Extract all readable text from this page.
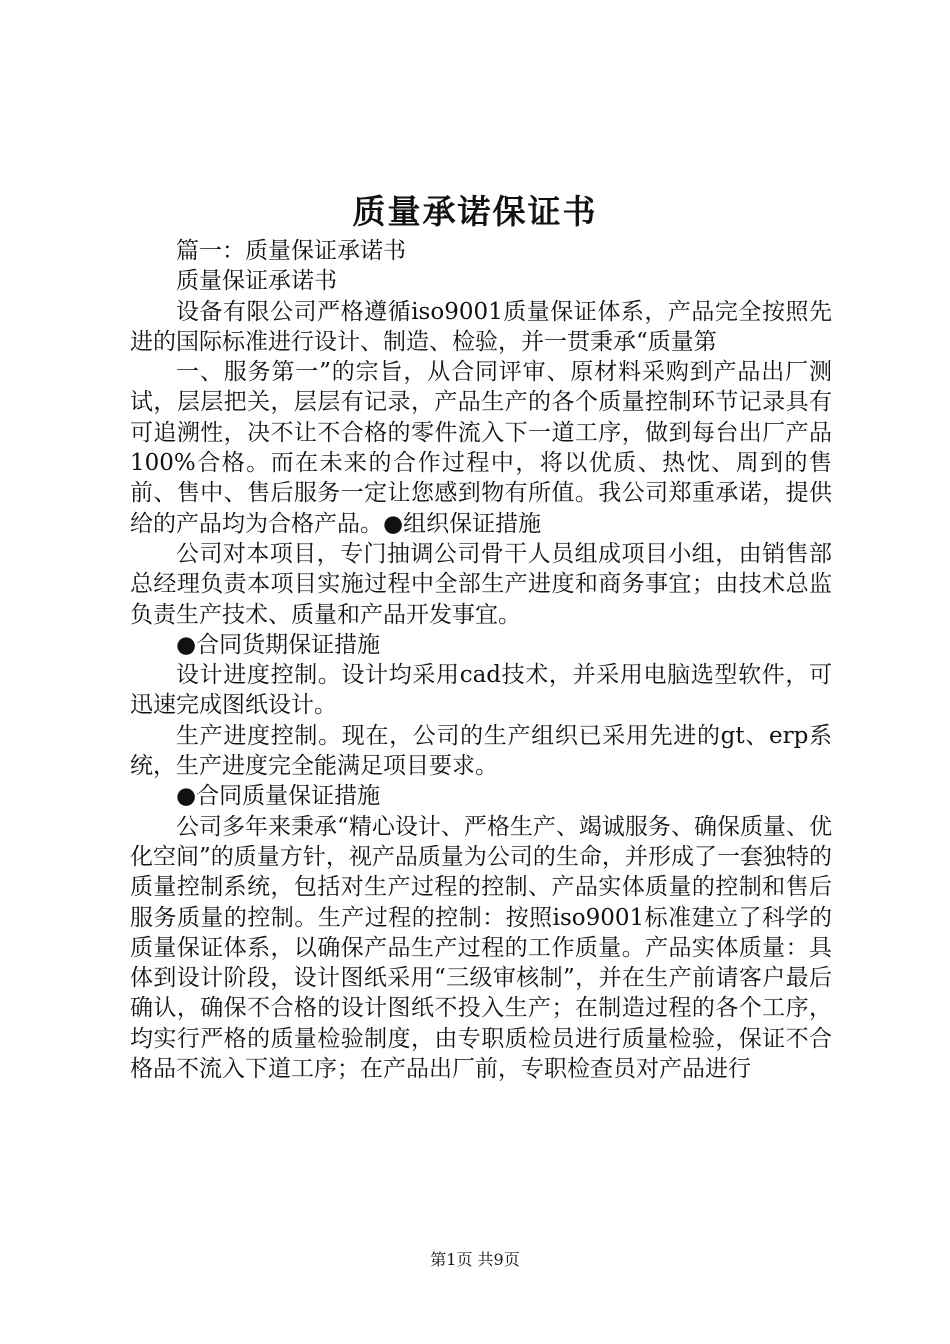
质量承诺保证书

篇一：质量保证承诺书

质量保证承诺书

设备有限公司严格遵循iso9001质量保证体系，产品完全按照先进的国际标准进行设计、制造、检验，并一贯秉承“质量第

一、服务第一”的宗旨，从合同评审、原材料采购到产品出厂测试，层层把关，层层有记录，产品生产的各个质量控制环节记录具有可追溯性，决不让不合格的零件流入下一道工序，做到每台出厂产品100%合格。而在未来的合作过程中，将以优质、热忱、周到的售前、售中、售后服务一定让您感到物有所值。我公司郑重承诺，提供给的产品均为合格产品。●组织保证措施

公司对本项目，专门抽调公司骨干人员组成项目小组，由销售部总经理负责本项目实施过程中全部生产进度和商务事宜；由技术总监负责生产技术、质量和产品开发事宜。

●合同货期保证措施

设计进度控制。设计均采用cad技术，并采用电脑选型软件，可迅速完成图纸设计。

生产进度控制。现在，公司的生产组织已采用先进的gt、erp系统，生产进度完全能满足项目要求。

●合同质量保证措施

公司多年来秉承“精心设计、严格生产、竭诚服务、确保质量、优化空间”的质量方针，视产品质量为公司的生命，并形成了一套独特的质量控制系统，包括对生产过程的控制、产品实体质量的控制和售后服务质量的控制。生产过程的控制：按照iso9001标准建立了科学的质量保证体系，以确保产品生产过程的工作质量。产品实体质量：具体到设计阶段，设计图纸采用“三级审核制”，并在生产前请客户最后确认，确保不合格的设计图纸不投入生产；在制造过程的各个工序，均实行严格的质量检验制度，由专职质检员进行质量检验，保证不合格品不流入下道工序；在产品出厂前，专职检查员对产品进行

第1页 共9页
